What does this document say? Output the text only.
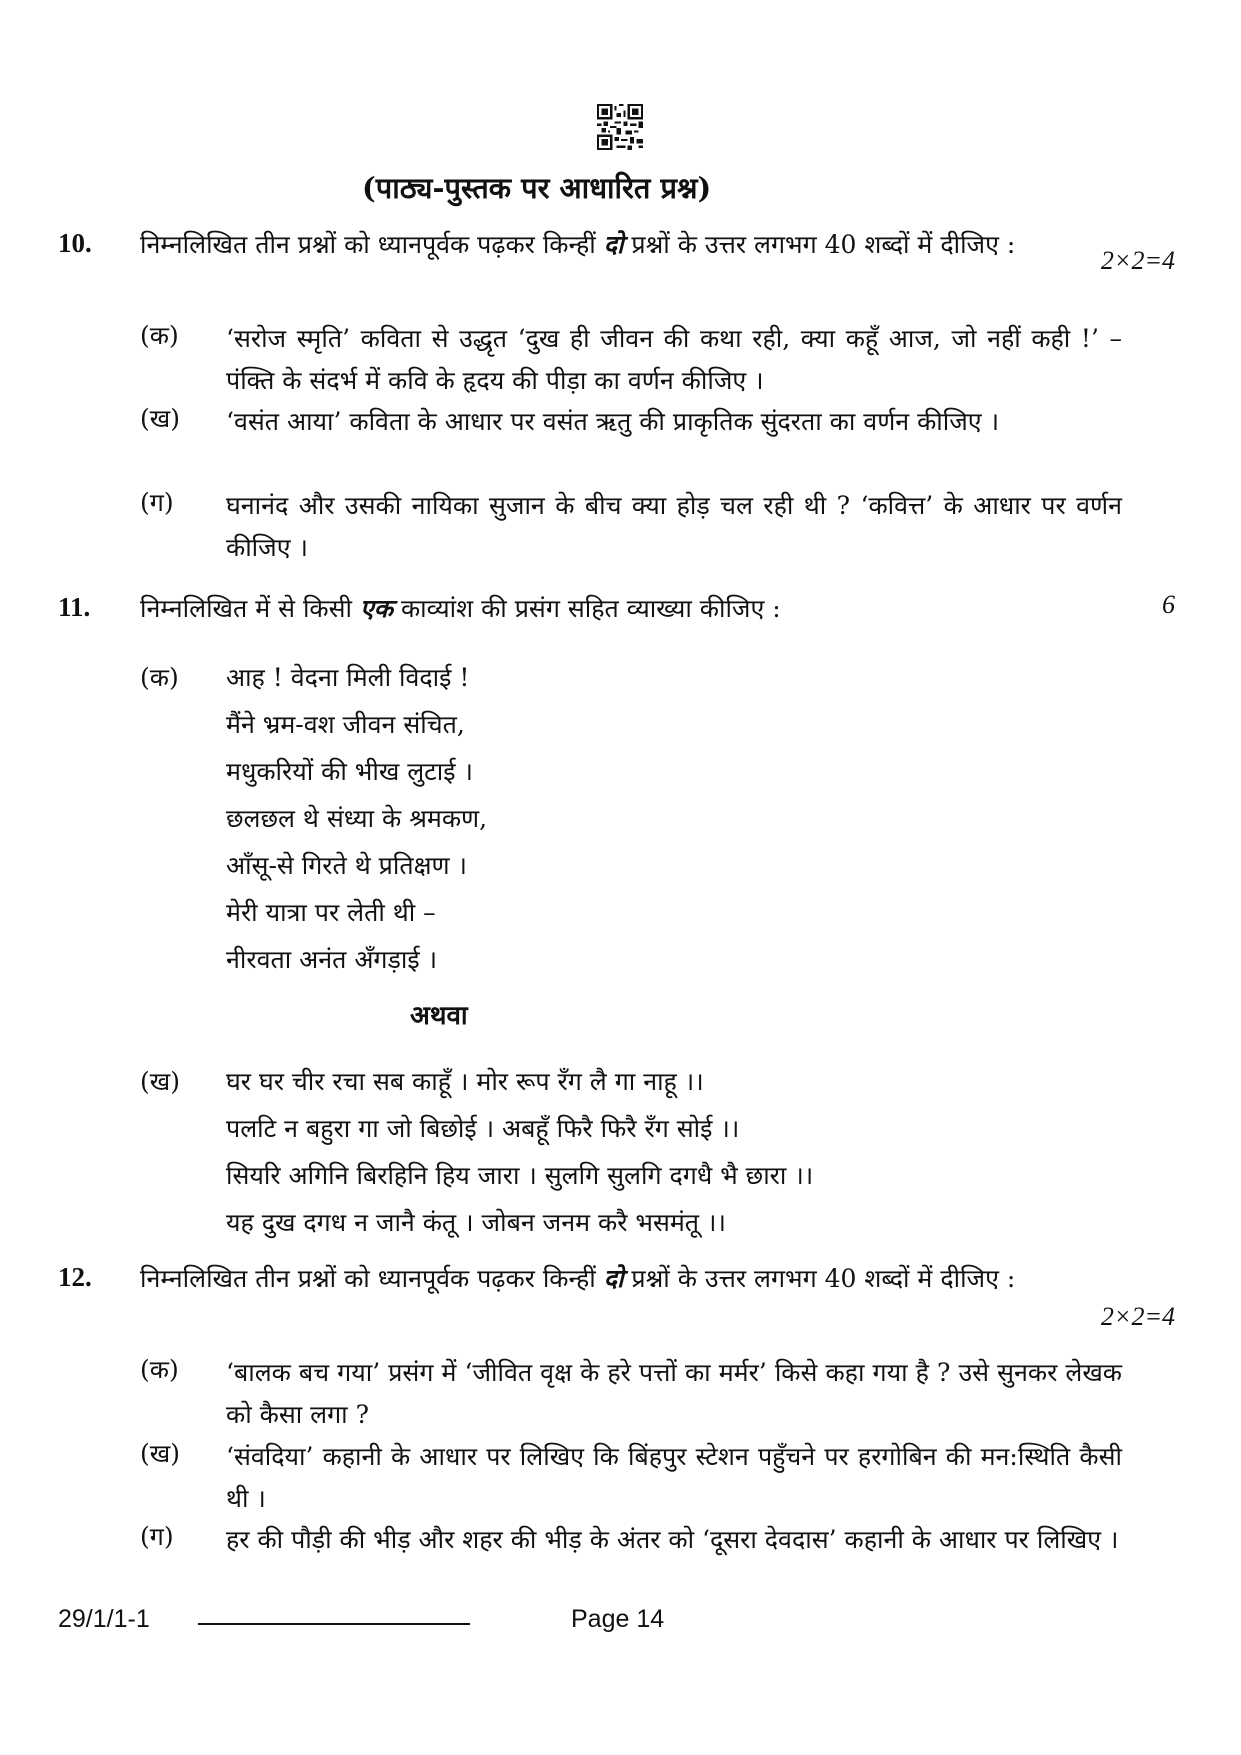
(पाठ्य-पुस्तक पर आधारित प्रश्न)
10. निम्नलिखित तीन प्रश्नों को ध्यानपूर्वक पढ़कर किन्हीं दो प्रश्नों के उत्तर लगभग 40 शब्दों में दीजिए :
2×2=4
(क) ‘सरोज स्मृति’ कविता से उद्धृत ‘दुख ही जीवन की कथा रही, क्या कहूँ आज, जो नहीं कही !’ – पंक्ति के संदर्भ में कवि के हृदय की पीड़ा का वर्णन कीजिए ।
(ख) ‘वसंत आया’ कविता के आधार पर वसंत ऋतु की प्राकृतिक सुंदरता का वर्णन कीजिए ।
(ग) घनानंद और उसकी नायिका सुजान के बीच क्या होड़ चल रही थी ? ‘कवित्त’ के आधार पर वर्णन कीजिए ।
11. निम्नलिखित में से किसी एक काव्यांश की प्रसंग सहित व्याख्या कीजिए :	6
(क) आह ! वेदना मिली विदाई !
मैंने भ्रम-वश जीवन संचित,
मधुकरियों की भीख लुटाई ।
छलछल थे संध्या के श्रमकण,
आँसू-से गिरते थे प्रतिक्षण ।
मेरी यात्रा पर लेती थी –
नीरवता अनंत अँगड़ाई ।
अथवा
(ख) घर घर चीर रचा सब काहूँ । मोर रूप रँग लै गा नाहू ।।
पलटि न बहुरा गा जो बिछोई । अबहूँ फिरै फिरै रँग सोई ।।
सियरि अगिनि बिरहिनि हिय जारा । सुलगि सुलगि दगधै भै छारा ।।
यह दुख दगध न जानै कंतू । जोबन जनम करै भसमंतू ।।
12. निम्नलिखित तीन प्रश्नों को ध्यानपूर्वक पढ़कर किन्हीं दो प्रश्नों के उत्तर लगभग 40 शब्दों में दीजिए :
2×2=4
(क) ‘बालक बच गया’ प्रसंग में ‘जीवित वृक्ष के हरे पत्तों का मर्मर’ किसे कहा गया है ? उसे सुनकर लेखक को कैसा लगा ?
(ख) ‘संवदिया’ कहानी के आधार पर लिखिए कि बिंहपुर स्टेशन पहुँचने पर हरगोबिन की मन:स्थिति कैसी थी ।
(ग) हर की पौड़ी की भीड़ और शहर की भीड़ के अंतर को ‘दूसरा देवदास’ कहानी के आधार पर लिखिए ।
29/1/1-1	Page 14
